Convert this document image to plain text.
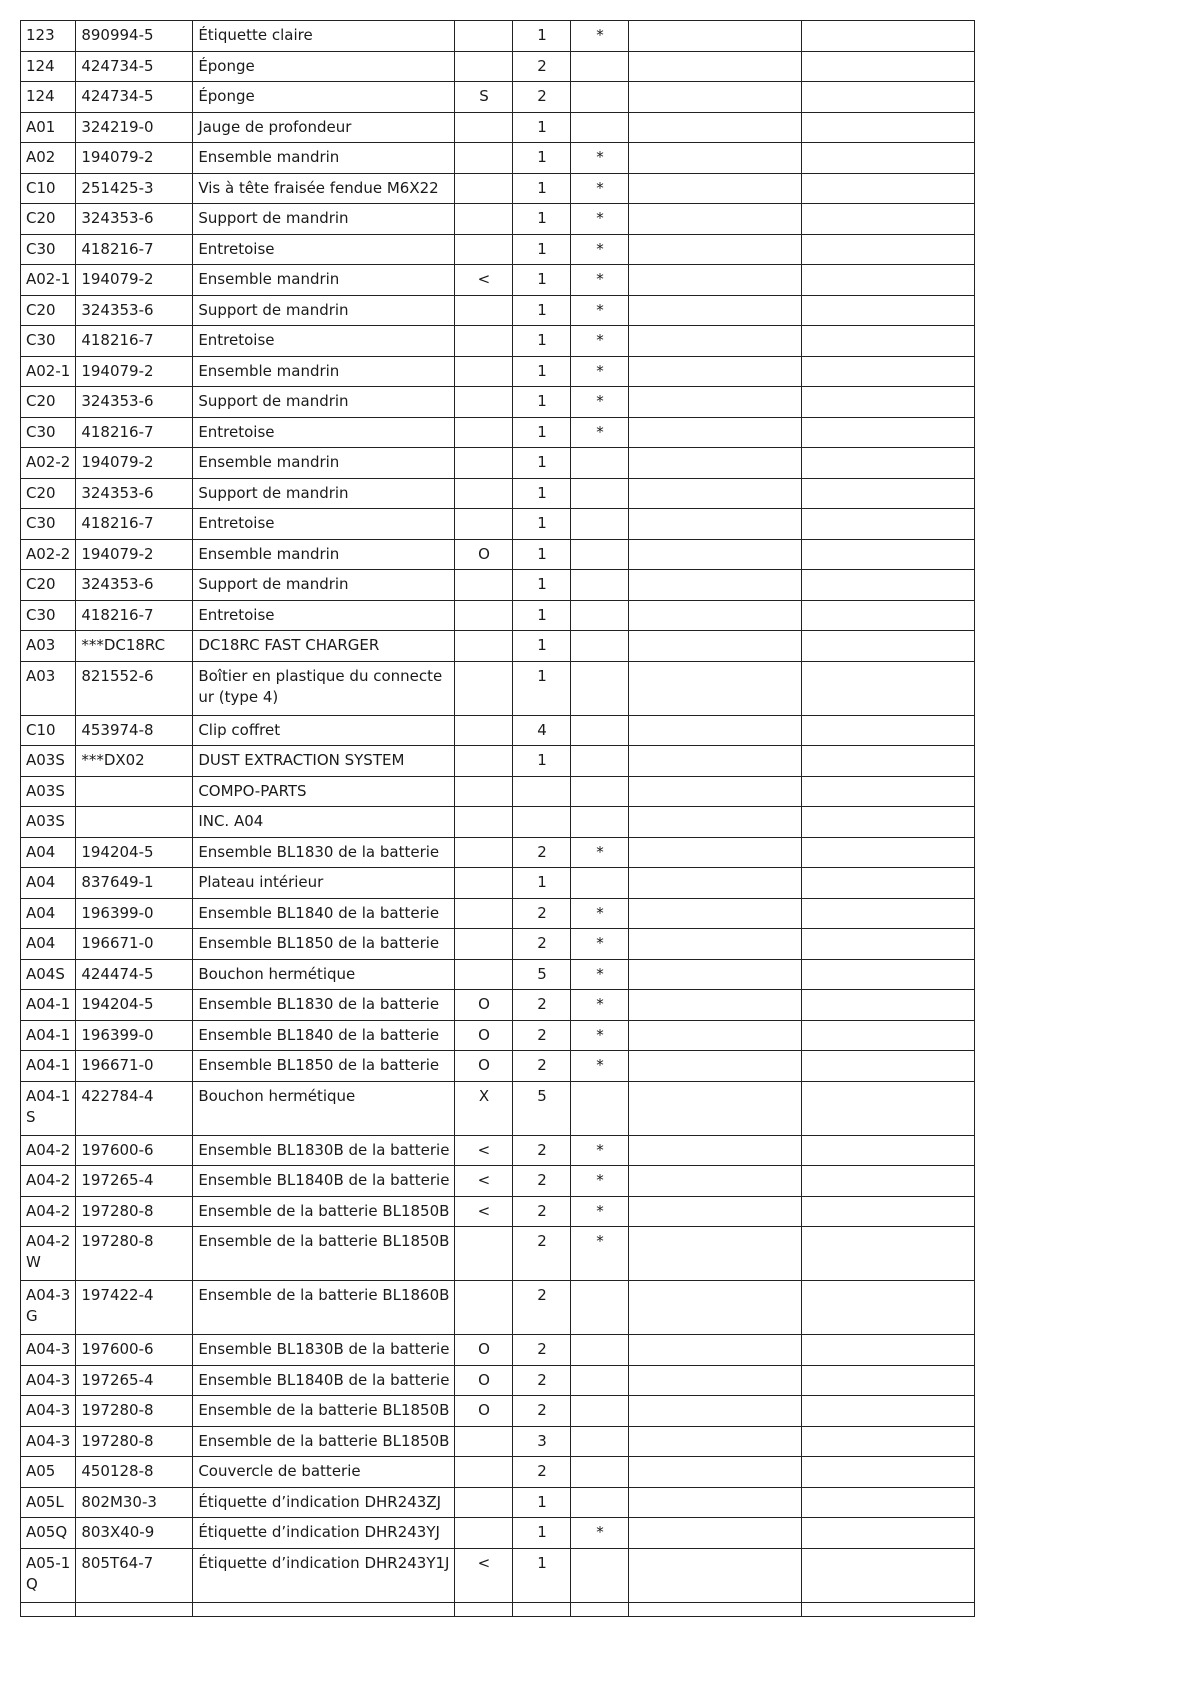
123	890994-5	Étiquette claire		1	*		
124	424734-5	Éponge		2			
124	424734-5	Éponge	S	2			
A01	324219-0	Jauge de profondeur		1			
A02	194079-2	Ensemble mandrin		1	*		
C10	251425-3	Vis à tête fraisée fendue M6X22		1	*		
C20	324353-6	Support de mandrin		1	*		
C30	418216-7	Entretoise		1	*		
A02-1	194079-2	Ensemble mandrin	<	1	*		
C20	324353-6	Support de mandrin		1	*		
C30	418216-7	Entretoise		1	*		
A02-1	194079-2	Ensemble mandrin		1	*		
C20	324353-6	Support de mandrin		1	*		
C30	418216-7	Entretoise		1	*		
A02-2	194079-2	Ensemble mandrin		1			
C20	324353-6	Support de mandrin		1			
C30	418216-7	Entretoise		1			
A02-2	194079-2	Ensemble mandrin	O	1			
C20	324353-6	Support de mandrin		1			
C30	418216-7	Entretoise		1			
A03	***DC18RC	DC18RC FAST CHARGER		1			
A03	821552-6	Boîtier en plastique du connecteur (type 4)		1			
C10	453974-8	Clip coffret		4			
A03S	***DX02	DUST EXTRACTION SYSTEM		1			
A03S		COMPO-PARTS					
A03S		INC. A04					
A04	194204-5	Ensemble BL1830 de la batterie		2	*		
A04	837649-1	Plateau intérieur		1			
A04	196399-0	Ensemble BL1840 de la batterie		2	*		
A04	196671-0	Ensemble BL1850 de la batterie		2	*		
A04S	424474-5	Bouchon hermétique		5	*		
A04-1	194204-5	Ensemble BL1830 de la batterie	O	2	*		
A04-1	196399-0	Ensemble BL1840 de la batterie	O	2	*		
A04-1	196671-0	Ensemble BL1850 de la batterie	O	2	*		
A04-1S	422784-4	Bouchon hermétique	X	5			
A04-2	197600-6	Ensemble BL1830B de la batterie	<	2	*		
A04-2	197265-4	Ensemble BL1840B de la batterie	<	2	*		
A04-2	197280-8	Ensemble de la batterie BL1850B	<	2	*		
A04-2W	197280-8	Ensemble de la batterie BL1850B		2	*		
A04-3G	197422-4	Ensemble de la batterie BL1860B		2			
A04-3	197600-6	Ensemble BL1830B de la batterie	O	2			
A04-3	197265-4	Ensemble BL1840B de la batterie	O	2			
A04-3	197280-8	Ensemble de la batterie BL1850B	O	2			
A04-3	197280-8	Ensemble de la batterie BL1850B		3			
A05	450128-8	Couvercle de batterie		2			
A05L	802M30-3	Étiquette d’indication DHR243ZJ		1			
A05Q	803X40-9	Étiquette d’indication DHR243YJ		1	*		
A05-1Q	805T64-7	Étiquette d’indication DHR243Y1J	<	1			
